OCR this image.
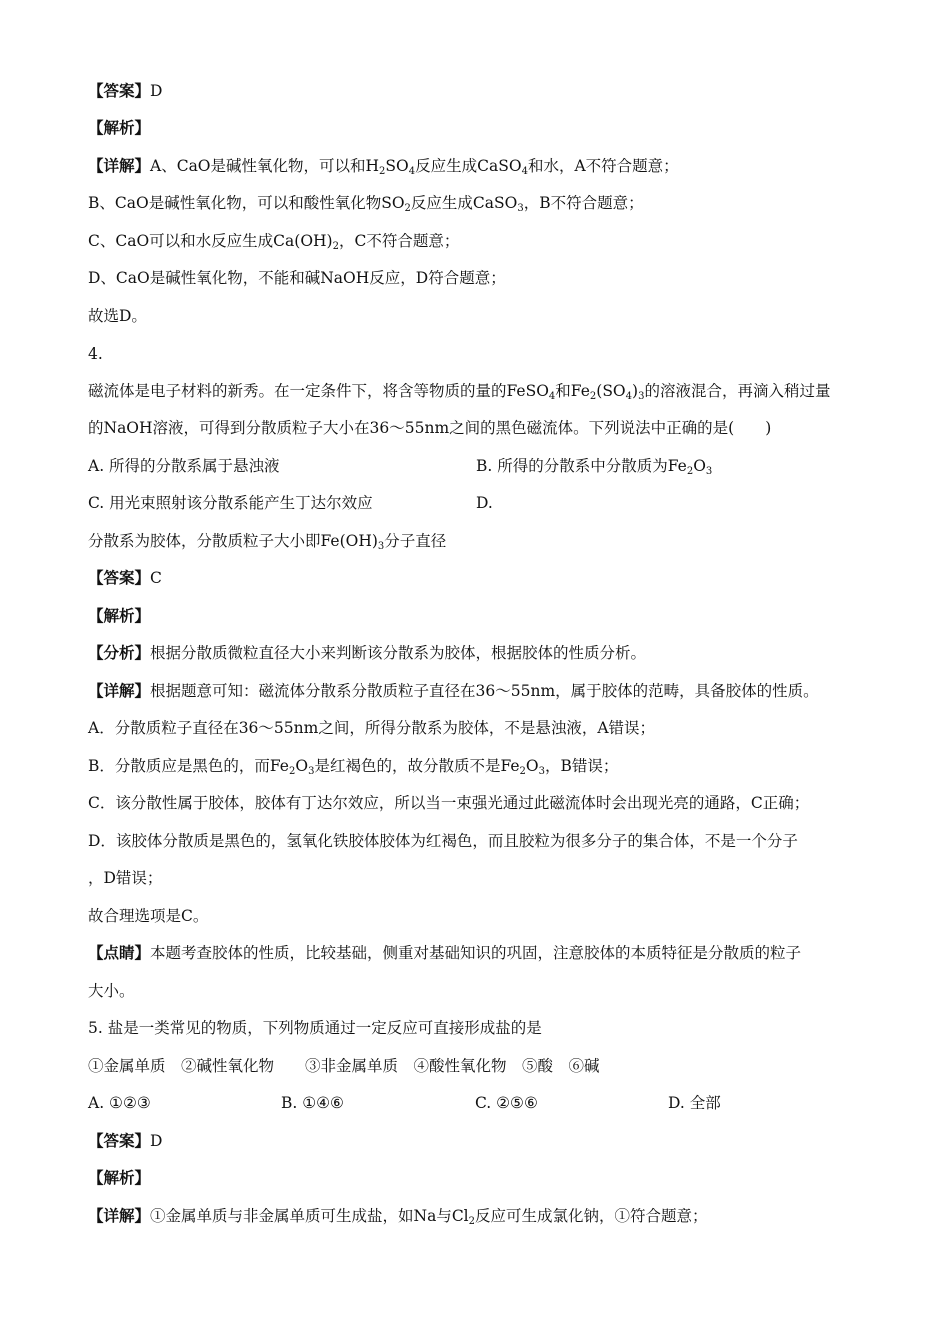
【答案】D
【解析】
【详解】A、CaO是碱性氧化物，可以和$H_2SO_4$反应生成CaSO$_4$和水，A不符合题意；
B、CaO是碱性氧化物，可以和酸性氧化物$SO_2$反应生成CaSO$_3$，B不符合题意；
C、CaO可以和水反应生成$Ca(OH)_2$，C不符合题意；
D、CaO是碱性氧化物，不能和碱NaOH反应，D符合题意；
故选D。
4.
磁流体是电子材料的新秀。在一定条件下，将含等物质的量的FeSO$_4$和$Fe_2(SO_4)_3$的溶液混合，再滴入稍过量
的NaOH溶液，可得到分散质粒子大小在36～55nm之间的黑色磁流体。下列说法中正确的是(　　)
A. 所得的分散系属于悬浊液	B. 所得的分散系中分散质为$Fe_2O_3$
C. 用光束照射该分散系能产生丁达尔效应	D.
分散系为胶体，分散质粒子大小即$Fe(OH)_3$分子直径
【答案】C
【解析】
【分析】根据分散质微粒直径大小来判断该分散系为胶体，根据胶体的性质分析。
【详解】根据题意可知：磁流体分散系分散质粒子直径在36～55nm，属于胶体的范畴，具备胶体的性质。
A．分散质粒子直径在36～55nm之间，所得分散系为胶体，不是悬浊液，A错误；
B．分散质应是黑色的，而$Fe_2O_3$是红褐色的，故分散质不是$Fe_2O_3$，B错误；
C．该分散性属于胶体，胶体有丁达尔效应，所以当一束强光通过此磁流体时会出现光亮的通路，C正确；
D．该胶体分散质是黑色的，氢氧化铁胶体胶体为红褐色，而且胶粒为很多分子的集合体，不是一个分子
，D错误；
故合理选项是C。
【点睛】本题考查胶体的性质，比较基础，侧重对基础知识的巩固，注意胶体的本质特征是分散质的粒子
大小。
5. 盐是一类常见的物质，下列物质通过一定反应可直接形成盐的是
①金属单质　②碱性氧化物　　③非金属单质　④酸性氧化物　⑤酸　⑥碱
A. ①②③	B. ①④⑥	C. ②⑤⑥	D. 全部
【答案】D
【解析】
【详解】①金属单质与非金属单质可生成盐，如Na与$Cl_2$反应可生成氯化钠，①符合题意；
